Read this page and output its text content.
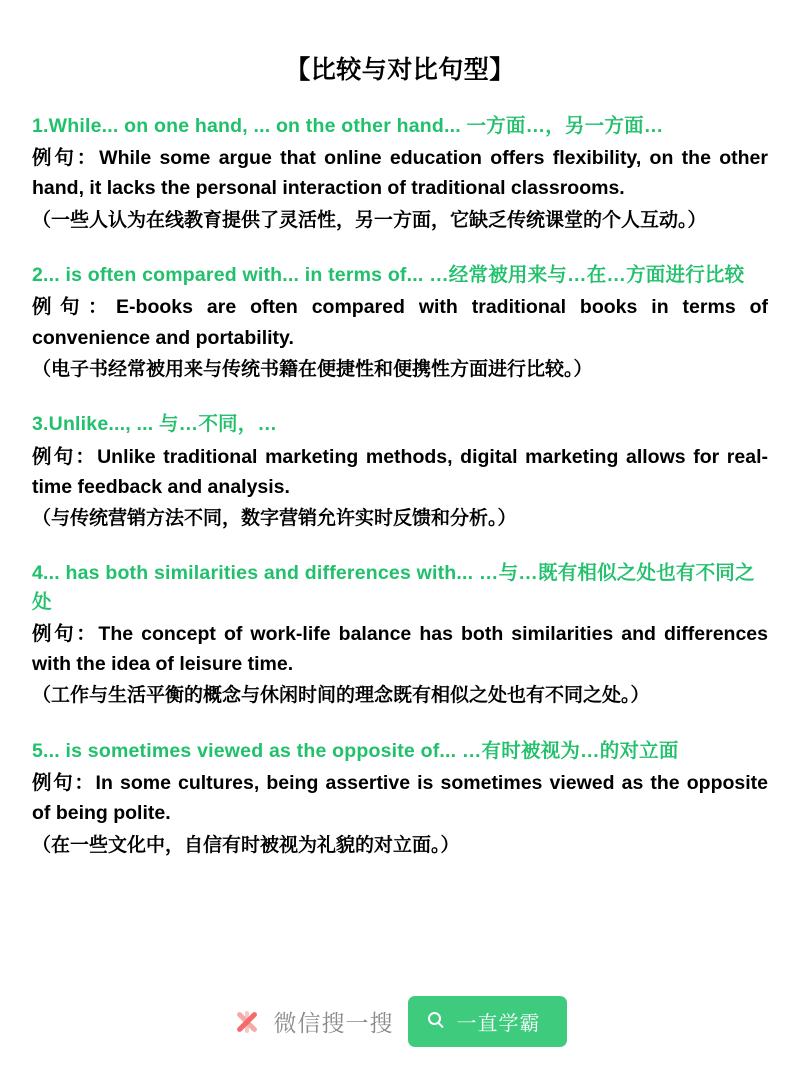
【比较与对比句型】
1.While... on one hand, ... on the other hand... 一方面…，另一方面…
例句：While some argue that online education offers flexibility, on the other hand, it lacks the personal interaction of traditional classrooms.
（一些人认为在线教育提供了灵活性，另一方面，它缺乏传统课堂的个人互动。）
2... is often compared with... in terms of... …经常被用来与…在…方面进行比较
例句：E-books are often compared with traditional books in terms of convenience and portability.
（电子书经常被用来与传统书籍在便捷性和便携性方面进行比较。）
3.Unlike..., ... 与…不同，…
例句：Unlike traditional marketing methods, digital marketing allows for real-time feedback and analysis.
（与传统营销方法不同，数字营销允许实时反馈和分析。）
4... has both similarities and differences with... …与…既有相似之处也有不同之处
例句：The concept of work-life balance has both similarities and differences with the idea of leisure time.
（工作与生活平衡的概念与休闲时间的理念既有相似之处也有不同之处。）
5... is sometimes viewed as the opposite of... …有时被视为…的对立面
例句：In some cultures, being assertive is sometimes viewed as the opposite of being polite.
（在一些文化中，自信有时被视为礼貌的对立面。）
微信搜一搜	一直学霸
